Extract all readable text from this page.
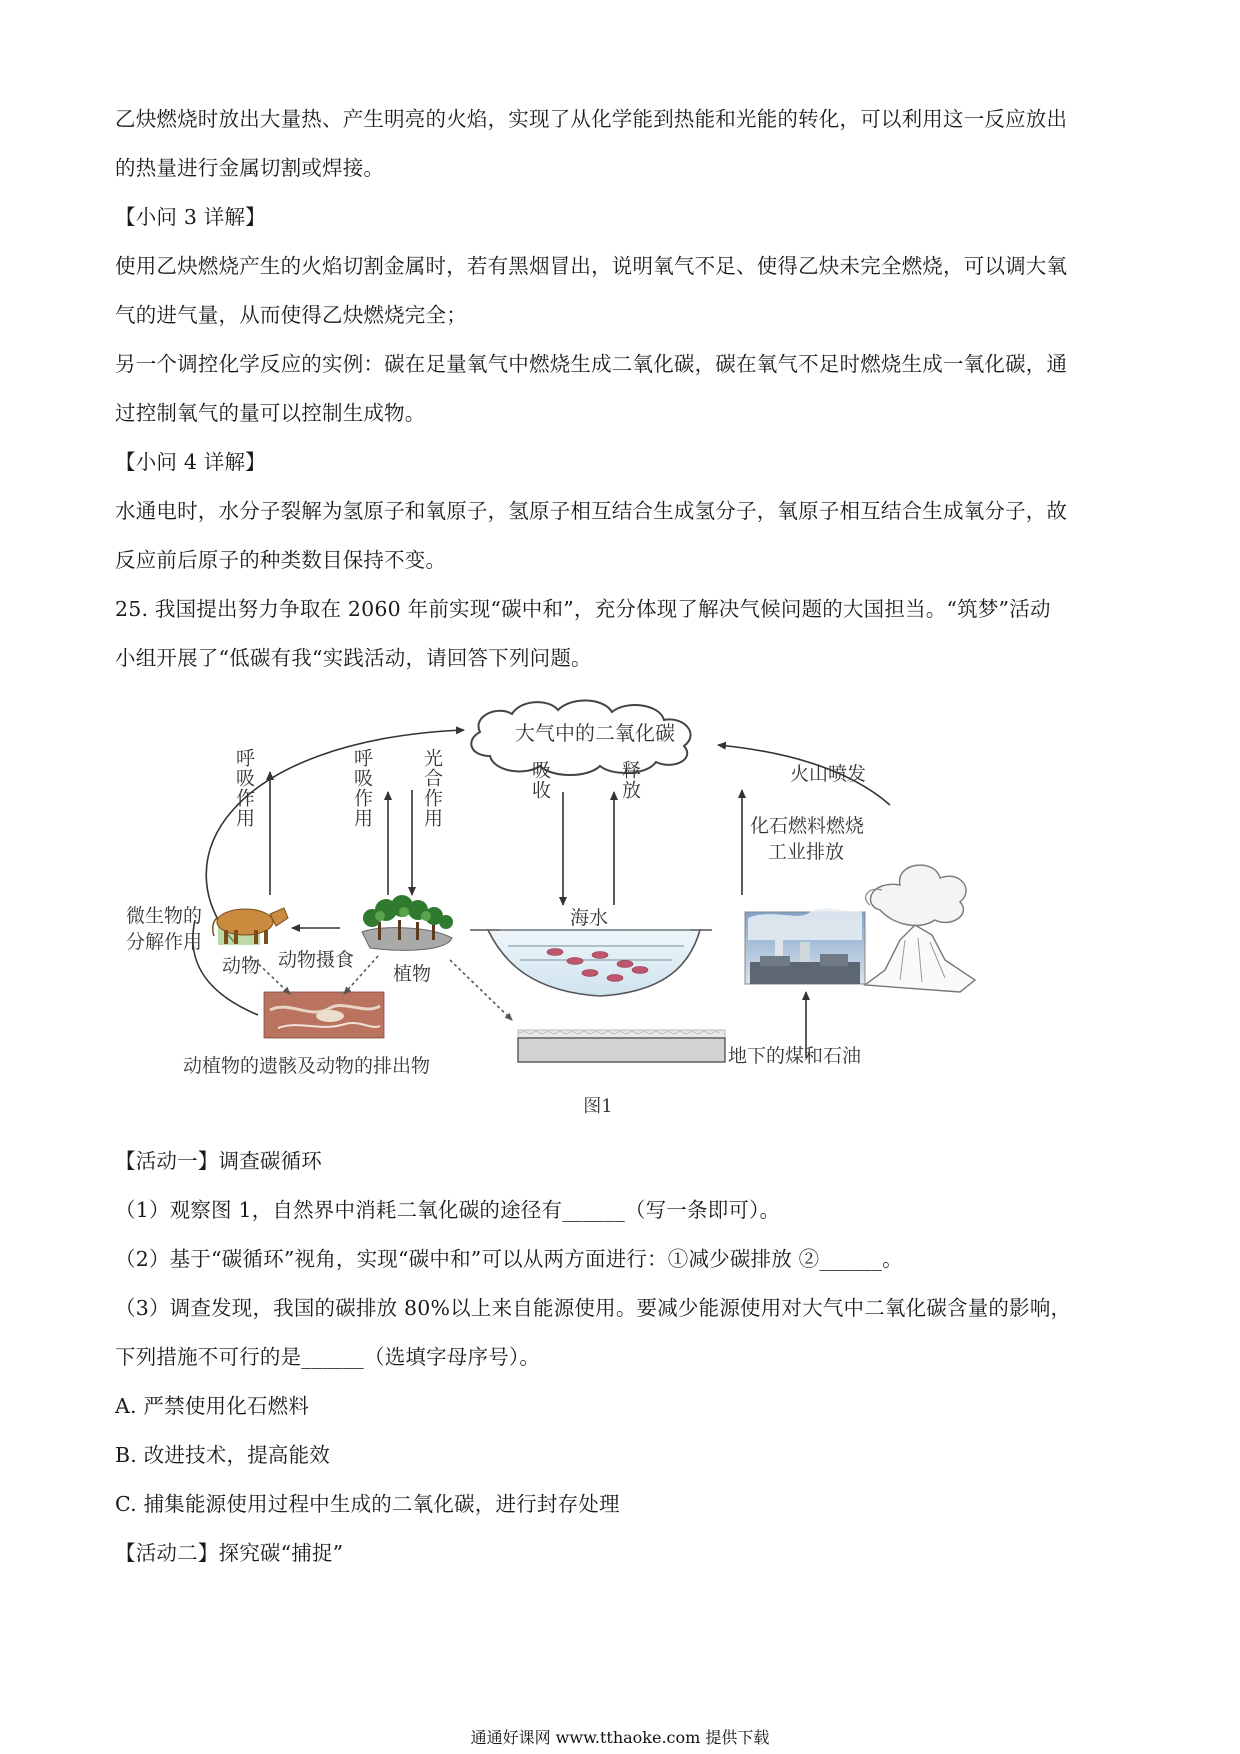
乙炔燃烧时放出大量热、产生明亮的火焰，实现了从化学能到热能和光能的转化，可以利用这一反应放出
的热量进行金属切割或焊接。
【小问 3 详解】
使用乙炔燃烧产生的火焰切割金属时，若有黑烟冒出，说明氧气不足、使得乙炔未完全燃烧，可以调大氧
气的进气量，从而使得乙炔燃烧完全；
另一个调控化学反应的实例：碳在足量氧气中燃烧生成二氧化碳，碳在氧气不足时燃烧生成一氧化碳，通
过控制氧气的量可以控制生成物。
【小问 4 详解】
水通电时，水分子裂解为氢原子和氧原子，氢原子相互结合生成氢分子，氧原子相互结合生成氧分子，故
反应前后原子的种类数目保持不变。
25. 我国提出努力争取在 2060 年前实现“碳中和”，充分体现了解决气候问题的大国担当。“筑梦”活动
小组开展了“低碳有我“实践活动，请回答下列问题。
大气中的二氧化碳
火山喷发
呼吸作用	呼吸作用	光合作用	吸收	释放
化石燃料燃烧
工业排放
地下的煤和石油
海水
植物
动物 动物摄食
微生物的
分解作用
动植物的遗骸及动物的排出物
图1
【活动一】调查碳循环
（1）观察图 1，自然界中消耗二氧化碳的途径有______（写一条即可）。
（2）基于“碳循环”视角，实现“碳中和”可以从两方面进行：①减少碳排放 ②______。
（3）调查发现，我国的碳排放 80%以上来自能源使用。要减少能源使用对大气中二氧化碳含量的影响，
下列措施不可行的是______（选填字母序号）。
A. 严禁使用化石燃料
B. 改进技术，提高能效
C. 捕集能源使用过程中生成的二氧化碳，进行封存处理
【活动二】探究碳“捕捉”
通通好课网 www.tthaoke.com 提供下载
